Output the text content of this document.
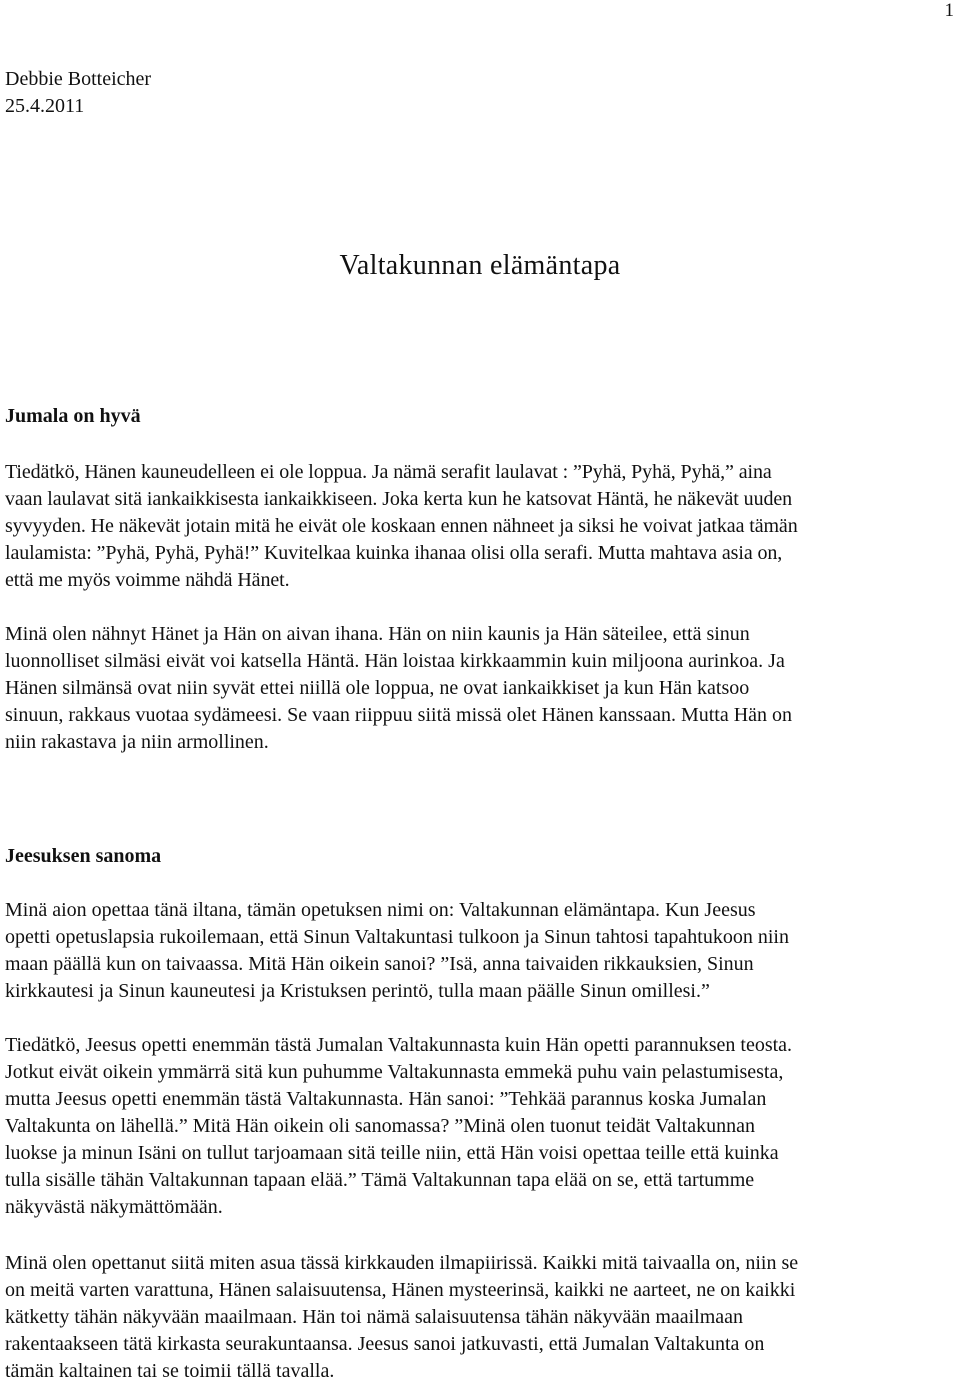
1
Debbie Botteicher
25.4.2011
Valtakunnan elämäntapa
Jumala on hyvä
Tiedätkö, Hänen kauneudelleen ei ole loppua. Ja nämä serafit laulavat : ”Pyhä, Pyhä, Pyhä,” aina
vaan laulavat sitä iankaikkisesta iankaikkiseen. Joka kerta kun he katsovat Häntä, he näkevät uuden
syvyyden. He näkevät jotain mitä he eivät ole koskaan ennen nähneet ja siksi he voivat jatkaa tämän
laulamista: ”Pyhä, Pyhä, Pyhä!” Kuvitelkaa kuinka ihanaa olisi olla serafi. Mutta mahtava asia on,
että me myös voimme nähdä Hänet.
Minä olen nähnyt Hänet ja Hän on aivan ihana. Hän on niin kaunis ja Hän säteilee, että sinun
luonnolliset silmäsi eivät voi katsella Häntä. Hän loistaa kirkkaammin kuin miljoona aurinkoa. Ja
Hänen silmänsä ovat niin syvät ettei niillä ole loppua, ne ovat iankaikkiset ja kun Hän katsoo
sinuun, rakkaus vuotaa sydämeesi. Se vaan riippuu siitä missä olet Hänen kanssaan. Mutta Hän on
niin rakastava ja niin armollinen.
Jeesuksen sanoma
Minä aion opettaa tänä iltana, tämän opetuksen nimi on: Valtakunnan elämäntapa. Kun Jeesus
opetti opetuslapsia rukoilemaan, että Sinun Valtakuntasi tulkoon ja Sinun tahtosi tapahtukoon niin
maan päällä kun on taivaassa. Mitä Hän oikein sanoi? ”Isä, anna taivaiden rikkauksien, Sinun
kirkkautesi ja Sinun kauneutesi ja Kristuksen perintö, tulla maan päälle Sinun omillesi.”
Tiedätkö, Jeesus opetti enemmän tästä Jumalan Valtakunnasta kuin Hän opetti parannuksen teosta.
Jotkut eivät oikein ymmärrä sitä kun puhumme Valtakunnasta emmekä puhu vain pelastumisesta,
mutta Jeesus opetti enemmän tästä Valtakunnasta. Hän sanoi: ”Tehkää parannus koska Jumalan
Valtakunta on lähellä.” Mitä Hän oikein oli sanomassa? ”Minä olen tuonut teidät Valtakunnan
luokse ja minun Isäni on tullut tarjoamaan sitä teille niin, että Hän voisi opettaa teille että kuinka
tulla sisälle tähän Valtakunnan tapaan elää.” Tämä Valtakunnan tapa elää on se, että tartumme
näkyvästä näkymättömään.
Minä olen opettanut siitä miten asua tässä kirkkauden ilmapiirissä. Kaikki mitä taivaalla on, niin se
on meitä varten varattuna, Hänen salaisuutensa, Hänen mysteerinsä, kaikki ne aarteet, ne on kaikki
kätketty tähän näkyvään maailmaan. Hän toi nämä salaisuutensa tähän näkyvään maailmaan
rakentaakseen tätä kirkasta seurakuntaansa. Jeesus sanoi jatkuvasti, että Jumalan Valtakunta on
tämän kaltainen tai se toimii tällä tavalla.
